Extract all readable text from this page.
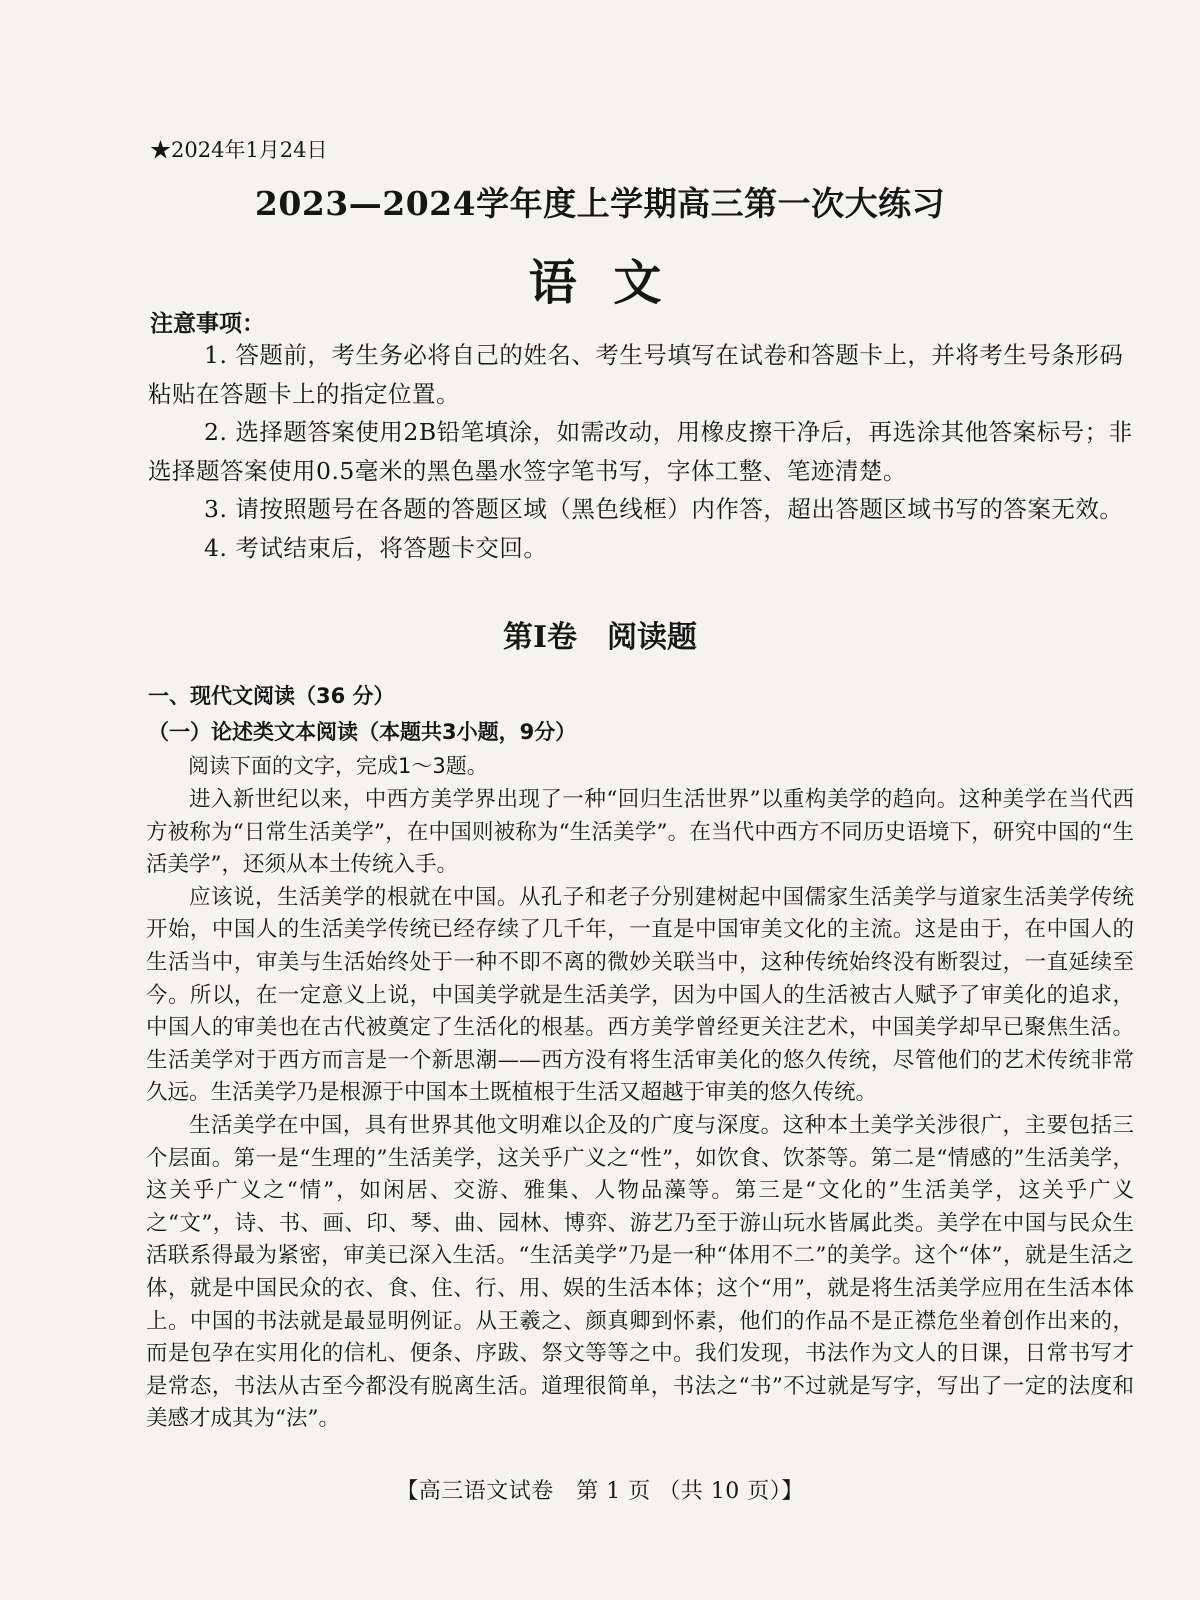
★2024年1月24日
2023—2024学年度上学期高三第一次大练习
语 文
注意事项：

1. 答题前，考生务必将自己的姓名、考生号填写在试卷和答题卡上，并将考生号条形码粘贴在答题卡上的指定位置。

2. 选择题答案使用2B铅笔填涂，如需改动，用橡皮擦干净后，再选涂其他答案标号；非选择题答案使用0.5毫米的黑色墨水签字笔书写，字体工整、笔迹清楚。

3. 请按照题号在各题的答题区域（黑色线框）内作答，超出答题区域书写的答案无效。

4. 考试结束后，将答题卡交回。

第Ⅰ卷　阅读题
一、现代文阅读（36 分）
（一）论述类文本阅读（本题共3小题，9分）
阅读下面的文字，完成1～3题。

进入新世纪以来，中西方美学界出现了一种“回归生活世界”以重构美学的趋向。这种美学在当代西方被称为“日常生活美学”，在中国则被称为“生活美学”。在当代中西方不同历史语境下，研究中国的“生活美学”，还须从本土传统入手。

应该说，生活美学的根就在中国。从孔子和老子分别建树起中国儒家生活美学与道家生活美学传统开始，中国人的生活美学传统已经存续了几千年，一直是中国审美文化的主流。这是由于，在中国人的生活当中，审美与生活始终处于一种不即不离的微妙关联当中，这种传统始终没有断裂过，一直延续至今。所以，在一定意义上说，中国美学就是生活美学，因为中国人的生活被古人赋予了审美化的追求，中国人的审美也在古代被奠定了生活化的根基。西方美学曾经更关注艺术，中国美学却早已聚焦生活。生活美学对于西方而言是一个新思潮——西方没有将生活审美化的悠久传统，尽管他们的艺术传统非常久远。生活美学乃是根源于中国本土既植根于生活又超越于审美的悠久传统。

生活美学在中国，具有世界其他文明难以企及的广度与深度。这种本土美学关涉很广，主要包括三个层面。第一是“生理的”生活美学，这关乎广义之“性”，如饮食、饮茶等。第二是“情感的”生活美学，这关乎广义之“情”，如闲居、交游、雅集、人物品藻等。第三是“文化的”生活美学，这关乎广义之“文”，诗、书、画、印、琴、曲、园林、博弈、游艺乃至于游山玩水皆属此类。美学在中国与民众生活联系得最为紧密，审美已深入生活。“生活美学”乃是一种“体用不二”的美学。这个“体”，就是生活之体，就是中国民众的衣、食、住、行、用、娱的生活本体；这个“用”，就是将生活美学应用在生活本体上。中国的书法就是最显明例证。从王羲之、颜真卿到怀素，他们的作品不是正襟危坐着创作出来的，而是包孕在实用化的信札、便条、序跋、祭文等等之中。我们发现，书法作为文人的日课，日常书写才是常态，书法从古至今都没有脱离生活。道理很简单，书法之“书”不过就是写字，写出了一定的法度和美感才成其为“法”。

【高三语文试卷　第 1 页 （共 10 页）】
